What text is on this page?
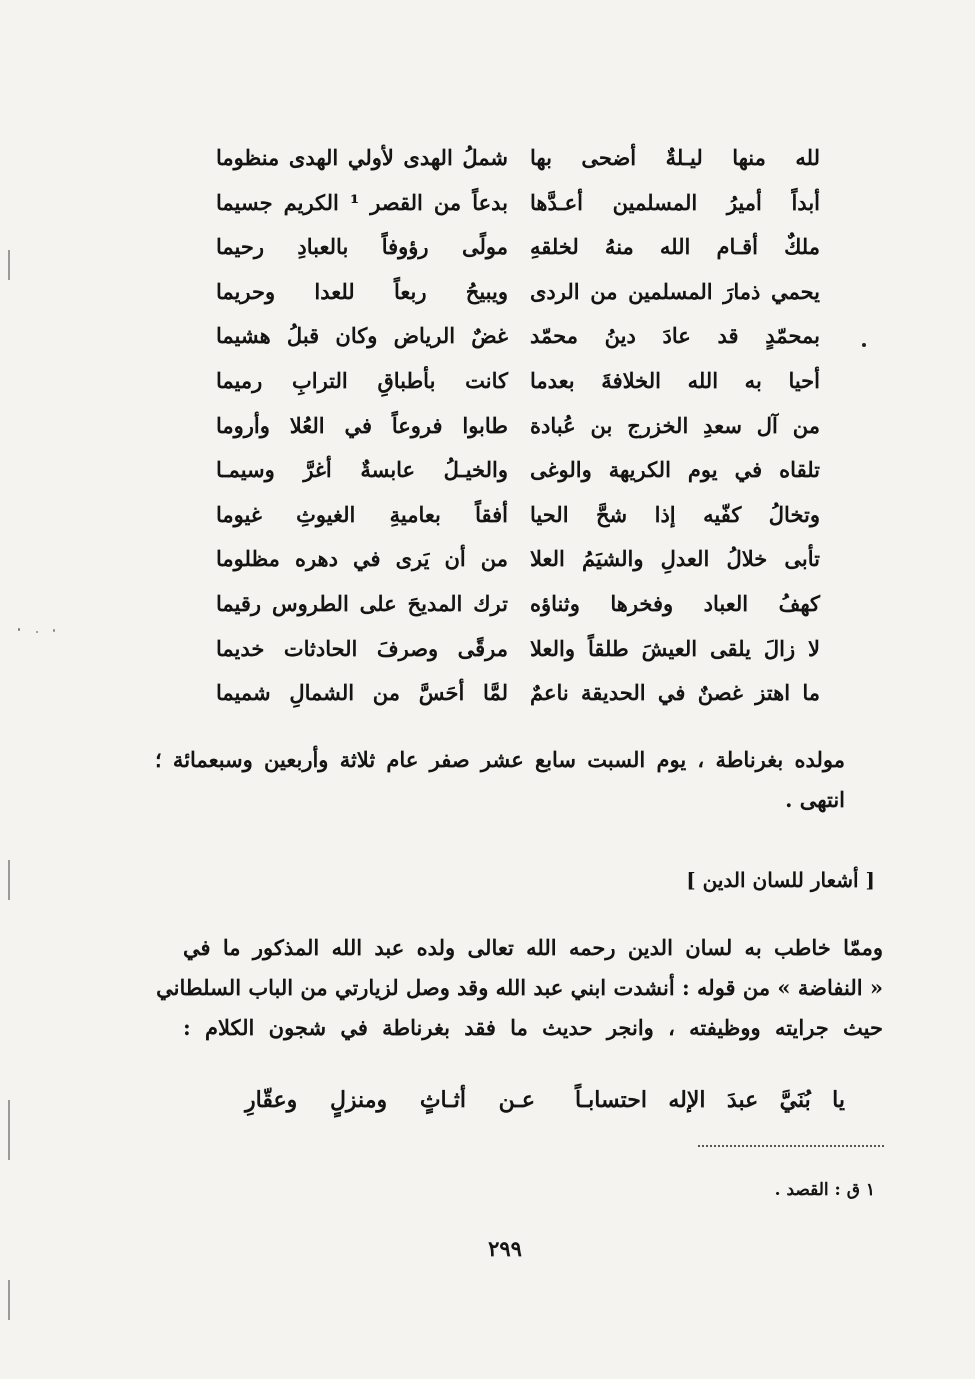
لله منها ليـلةٌ أضحى بها
شملُ الهدى لأولي الهدى منظوما
أبداً أميرُ المسلمين أعـدَّها
بدعاً من القصر ¹ الكريم جسيما
ملكٌ أقـام الله منهُ لخلقهِ
مولًى رؤوفاً بالعبادِ رحيما
يحمي ذمارَ المسلمين من الردى
ويبيحُ ربعاً للعدا وحريما
بمحمّدٍ قد عادَ دينُ محمّد
غضٌ الرياض وكان قبلُ هشيما
أحيا به الله الخلافةَ بعدما
كانت بأطباقِ الترابِ رميما
من آل سعدِ الخزرج بن عُبادة
طابوا فروعاً في العُلا وأروما
تلقاه في يوم الكريهة والوغى
والخيـلُ عابسةٌ أغرَّ وسيمـا
وتخالُ كفّيه إذا شحَّ الحيا
أفقاً بعاميةِ الغيوثِ غيوما
تأبى خلالُ العدلِ والشيَمُ العلا
من أن يَرى في دهره مظلوما
كهفُ العباد وفخرها وثناؤه
ترك المديحَ على الطروس رقيما
لا زالَ يلقى العيشَ طلقاً والعلا
مرقًى وصرفَ الحادثات خديما
ما اهتز غصنٌ في الحديقة ناعمٌ
لمَّا أحَسَّ من الشمالِ شميما
مولده بغرناطة ، يوم السبت سابع عشر صفر عام ثلاثة وأربعين وسبعمائة ؛
انتهى .
[ أشعار للسان الدين ]
وممّا خاطب به لسان الدين رحمه الله تعالى ولده عبد الله المذكور ما في
« النفاضة » من قوله : أنشدت ابني عبد الله وقد وصل لزيارتي من الباب السلطاني
حيث جرايته ووظيفته ، وانجر حديث ما فقد بغرناطة في شجون الكلام :
يا بُنَيَّ عبدَ الإله احتسابـاً
عـن أثـاثٍ ومنزلٍ وعقّارِ
١ ق : القصد .
٢٩٩
